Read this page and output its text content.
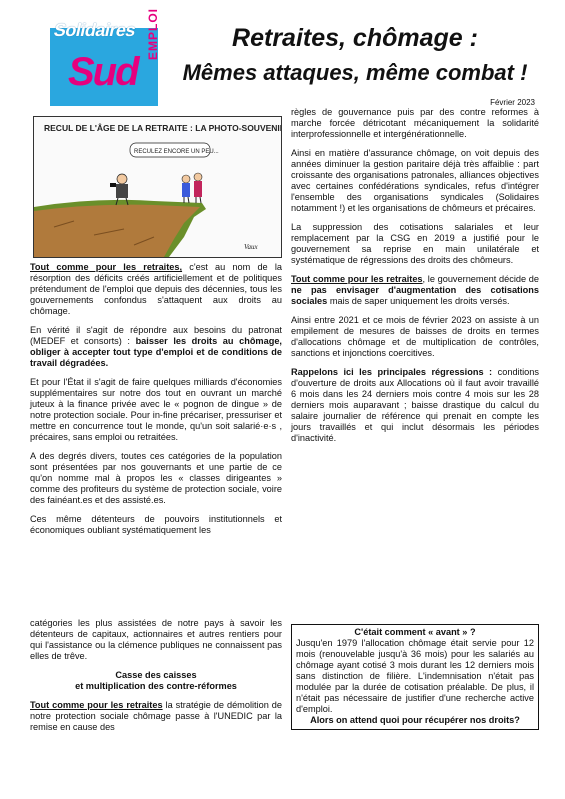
Solidaires
Sud
EMPLOI	Retraites, chômage :
Mêmes attaques, même combat !
Février 2023
RECUL DE L'ÂGE DE LA RETRAITE : LA PHOTO-SOUVENIR
RECULEZ ENCORE UN PEU...
Vaux

Tout comme pour les retraites, c'est au nom de la résorption des déficits créés artificiellement et de politiques prétendument de l'emploi que depuis des décennies, tous les gouvernements confondus s'attaquent aux droits au chômage.

En vérité il s'agit de répondre aux besoins du patronat (MEDEF et consorts) : baisser les droits au chômage, obliger à accepter tout type d'emploi et de conditions de travail dégradées.

Et pour l'État il s'agit de faire quelques milliards d'économies supplémentaires sur notre dos tout en ouvrant un marché juteux à la finance privée avec le « pognon de dingue » de notre protection sociale. Pour in-fine précariser, pressuriser et mettre en concurrence tout le monde, qu'un soit salarié·e·s , précaires, sans emploi ou retraitées.

A des degrés divers, toutes ces catégories de la population sont présentées par nos gouvernants et une partie de ce qu'on nomme mal à propos les « classes dirigeantes » comme des profiteurs du système de protection sociale, voire des fainéant.es et des assisté.es.

Ces même détenteurs de pouvoirs institutionnels et économiques oubliant systématiquement les

catégories les plus assistées de notre pays à savoir les détenteurs de capitaux, actionnaires et autres rentiers pour qui l'assistance ou la clémence publiques ne connaissent pas elles de trêve.

Casse des caisses
et multiplication des contre-réformes

Tout comme pour les retraites la stratégie de démolition de notre protection sociale chômage passe à l'UNEDIC par la remise en cause des

règles de gouvernance puis par des contre reformes à marche forcée détricotant mécaniquement la solidarité interprofessionnelle et intergénérationnelle.

Ainsi en matière d'assurance chômage, on voit depuis des années diminuer la gestion paritaire déjà très affaiblie : part croissante des organisations patronales, alliances objectives avec certaines confédérations syndicales, refus d'intégrer l'ensemble des organisations syndicales (Solidaires notamment !) et les organisations de chômeurs et précaires.

La suppression des cotisations salariales et leur remplacement par la CSG en 2019 a justifié pour le gouvernement sa reprise en main unilatérale et systématique de régressions des droits des chômeurs.

Tout comme pour les retraites, le gouvernement décide de ne pas envisager d'augmentation des cotisations sociales mais de saper uniquement les droits versés.

Ainsi entre 2021 et ce mois de février 2023 on assiste à un empilement de mesures de baisses de droits en termes d'allocations chômage et de multiplication de contrôles, sanctions et injonctions coercitives.

Rappelons ici les principales régressions : conditions d'ouverture de droits aux Allocations où il faut avoir travaillé 6 mois dans les 24 derniers mois contre 4 mois sur les 28 derniers mois auparavant ; baisse drastique du calcul du salaire journalier de référence qui prenait en compte les jours travaillés et qui inclut désormais les périodes d'inactivité.

C'était comment « avant » ?
Jusqu'en 1979 l'allocation chômage était servie pour 12 mois (renouvelable jusqu'à 36 mois) pour les salariés au chômage ayant cotisé 3 mois durant les 12 derniers mois sans distinction de filière. L'indemnisation n'était pas modulée par la durée de cotisation préalable. De plus, il n'était pas nécessaire de justifier d'une recherche active d'emploi.
Alors on attend quoi pour récupérer nos droits?
